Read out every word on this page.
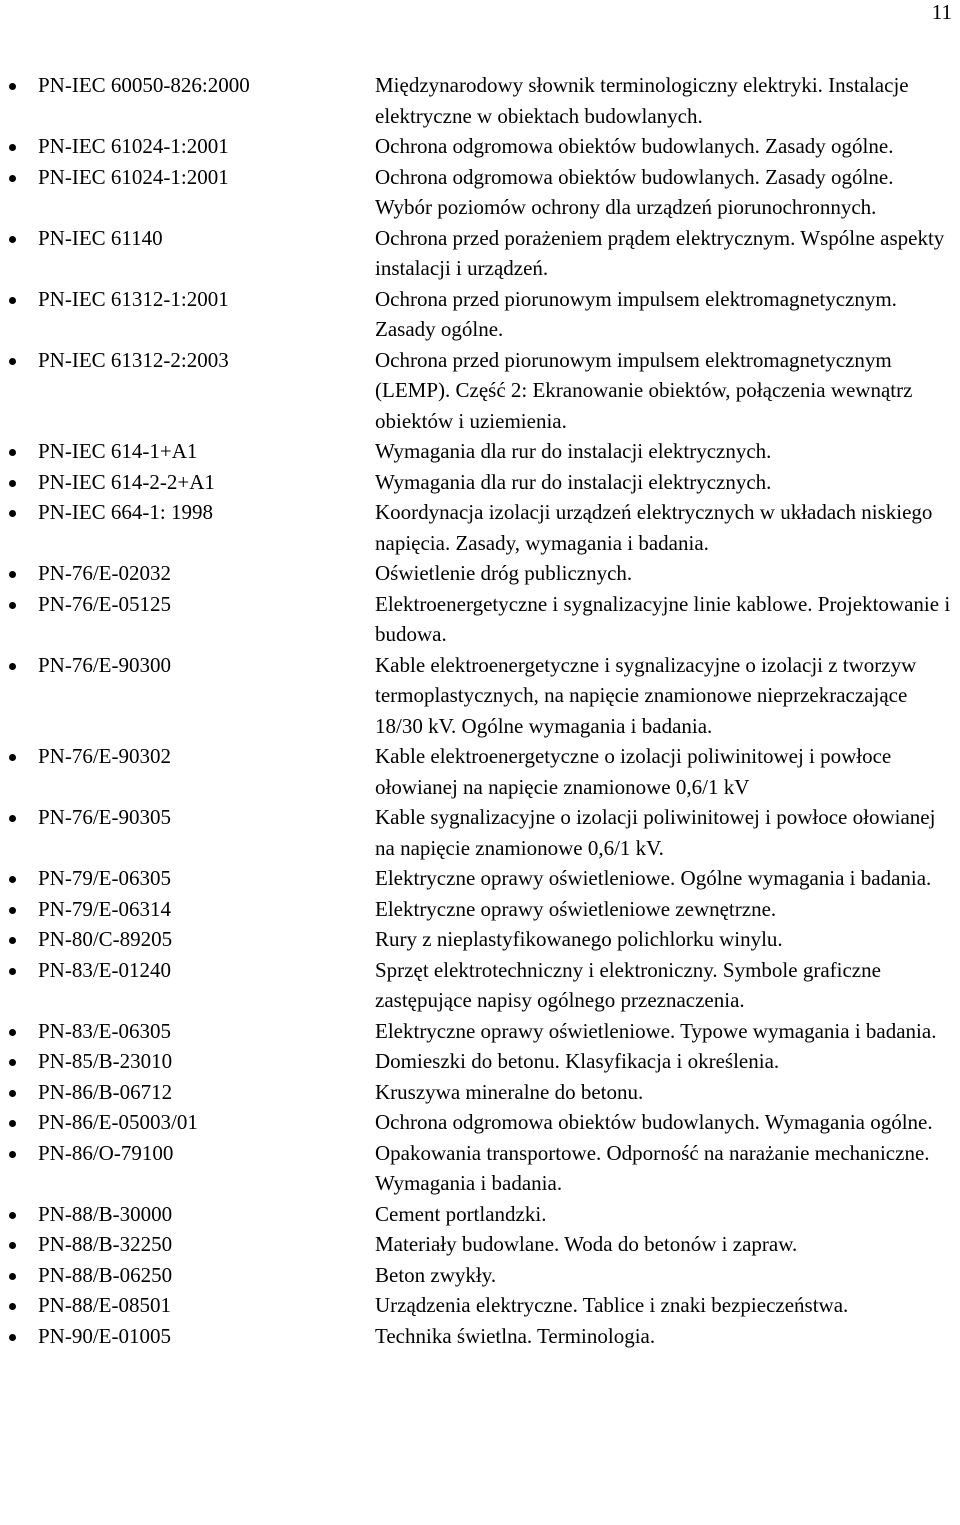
11
PN-IEC 60050-826:2000	Międzynarodowy słownik terminologiczny elektryki. Instalacje elektryczne w obiektach budowlanych.
PN-IEC 61024-1:2001	Ochrona odgromowa obiektów budowlanych. Zasady ogólne.
PN-IEC 61024-1:2001	Ochrona odgromowa obiektów budowlanych. Zasady ogólne. Wybór poziomów ochrony dla urządzeń piorunochronnych.
PN-IEC 61140	Ochrona przed porażeniem prądem elektrycznym. Wspólne aspekty instalacji i urządzeń.
PN-IEC 61312-1:2001	Ochrona przed piorunowym impulsem elektromagnetycznym. Zasady ogólne.
PN-IEC 61312-2:2003	Ochrona przed piorunowym impulsem elektromagnetycznym (LEMP). Część 2: Ekranowanie obiektów, połączenia wewnątrz obiektów i uziemienia.
PN-IEC 614-1+A1	Wymagania dla rur do instalacji elektrycznych.
PN-IEC 614-2-2+A1	Wymagania dla rur do instalacji elektrycznych.
PN-IEC 664-1: 1998	Koordynacja izolacji urządzeń elektrycznych w układach niskiego napięcia. Zasady, wymagania i badania.
PN-76/E-02032	Oświetlenie dróg publicznych.
PN-76/E-05125	Elektroenergetyczne i sygnalizacyjne linie kablowe. Projektowanie i budowa.
PN-76/E-90300	Kable elektroenergetyczne i sygnalizacyjne o izolacji z tworzyw termoplastycznych, na napięcie znamionowe nieprzekraczające 18/30 kV. Ogólne wymagania i badania.
PN-76/E-90302	Kable elektroenergetyczne o izolacji poliwinitowej i powłoce ołowianej na napięcie znamionowe 0,6/1 kV
PN-76/E-90305	Kable sygnalizacyjne o izolacji poliwinitowej i powłoce ołowianej na napięcie znamionowe 0,6/1 kV.
PN-79/E-06305	Elektryczne oprawy oświetleniowe. Ogólne wymagania i badania.
PN-79/E-06314	Elektryczne oprawy oświetleniowe zewnętrzne.
PN-80/C-89205	Rury z nieplastyfikowanego polichlorku winylu.
PN-83/E-01240	Sprzęt elektrotechniczny i elektroniczny. Symbole graficzne zastępujące napisy ogólnego przeznaczenia.
PN-83/E-06305	Elektryczne oprawy oświetleniowe. Typowe wymagania i badania.
PN-85/B-23010	Domieszki do betonu. Klasyfikacja i określenia.
PN-86/B-06712	Kruszywa mineralne do betonu.
PN-86/E-05003/01	Ochrona odgromowa obiektów budowlanych. Wymagania ogólne.
PN-86/O-79100	Opakowania transportowe. Odporność na narażanie mechaniczne. Wymagania i badania.
PN-88/B-30000	Cement portlandzki.
PN-88/B-32250	Materiały budowlane. Woda do betonów i zapraw.
PN-88/B-06250	Beton zwykły.
PN-88/E-08501	Urządzenia elektryczne. Tablice i znaki bezpieczeństwa.
PN-90/E-01005	Technika świetlna. Terminologia.
